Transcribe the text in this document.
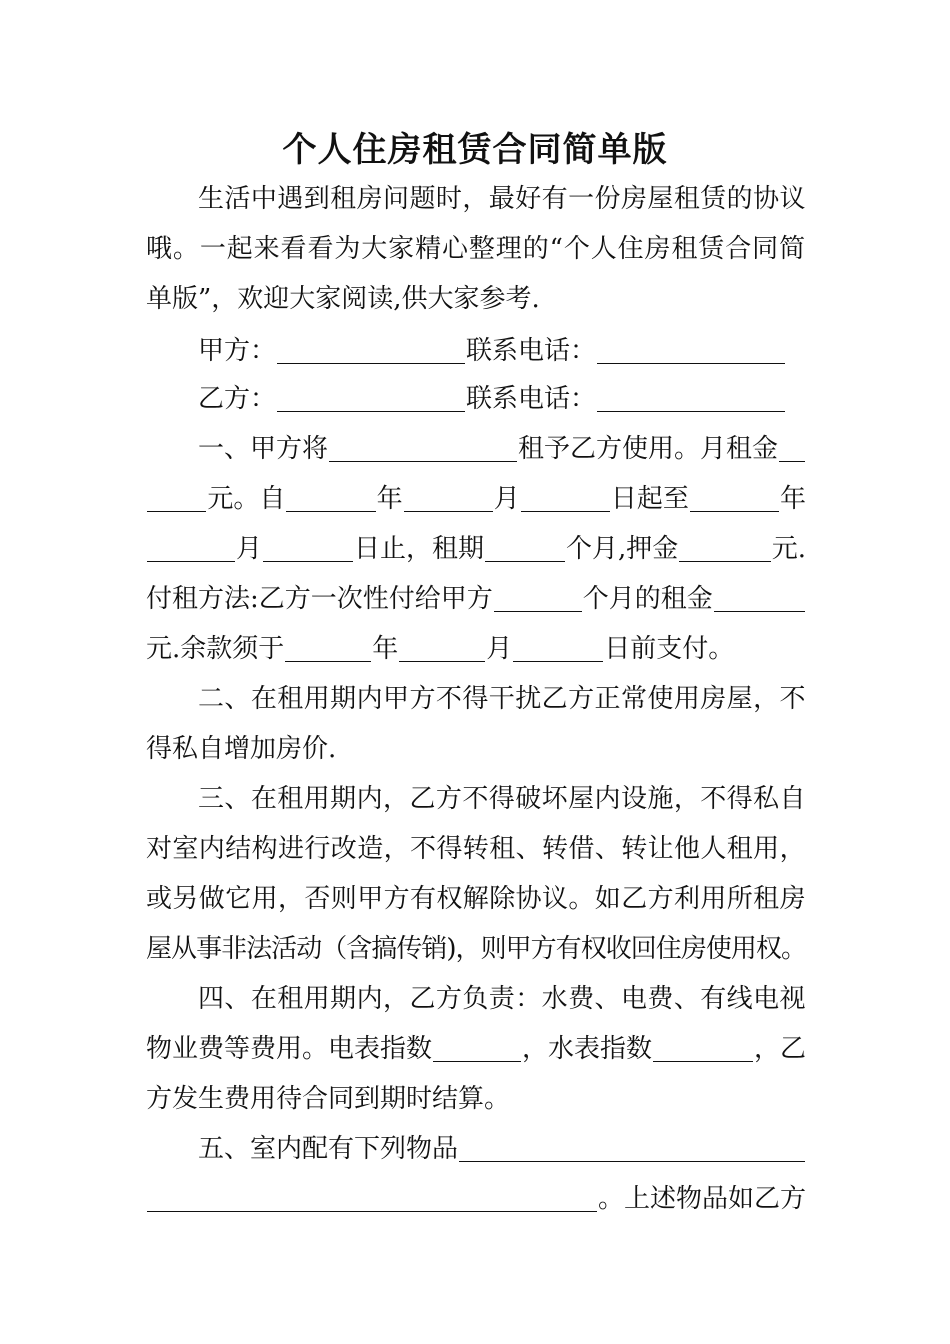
个人住房租赁合同简单版
生活中遇到租房问题时，最好有一份房屋租赁的协议
哦。一起来看看为大家精心整理的“个人住房租赁合同简
单版”，欢迎大家阅读,供大家参考.
甲方：	联系电话：
乙方：	联系电话：
一、甲方将	租予乙方使用。月租金
元。自	年	月	日起至	年
月	日止，租期	个月,押金	元.
付租方法:乙方一次性付给甲方	个月的租金
元.余款须于	年	月	日前支付。
二、在租用期内甲方不得干扰乙方正常使用房屋，不
得私自增加房价.
三、在租用期内，乙方不得破坏屋内设施，不得私自
对室内结构进行改造，不得转租、转借、转让他人租用，
或另做它用，否则甲方有权解除协议。如乙方利用所租房
屋从事非法活动（含搞传销)，则甲方有权收回住房使用权。
四、在租用期内，乙方负责：水费、电费、有线电视
物业费等费用。电表指数	，水表指数	，乙
方发生费用待合同到期时结算。
五、室内配有下列物品
。上述物品如乙方
